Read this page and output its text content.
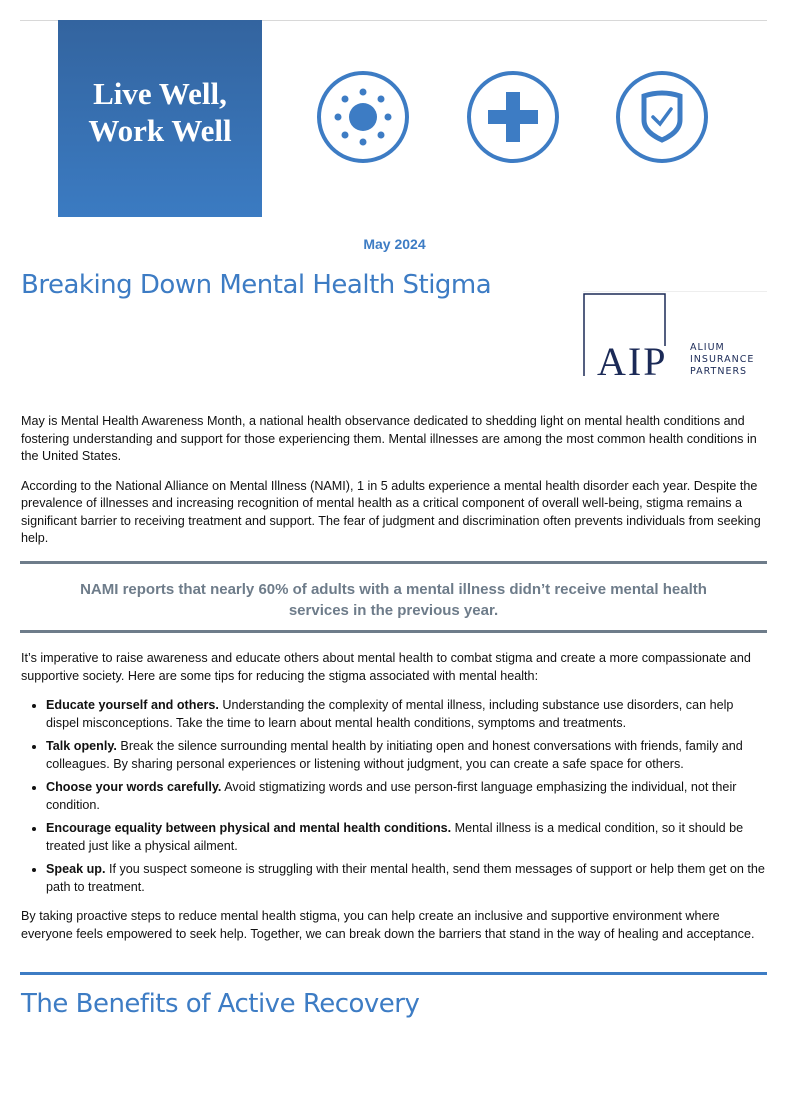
Live Well,
Work Well
May 2024
Breaking Down Mental Health Stigma
AIP ALIUM
INSURANCE
PARTNERS

May is Mental Health Awareness Month, a national health observance dedicated to shedding light on mental health conditions and fostering understanding and support for those experiencing them. Mental illnesses are among the most common health conditions in the United States.

According to the National Alliance on Mental Illness (NAMI), 1 in 5 adults experience a mental health disorder each year. Despite the prevalence of illnesses and increasing recognition of mental health as a critical component of overall well-being, stigma remains a significant barrier to receiving treatment and support. The fear of judgment and discrimination often prevents individuals from seeking help.

NAMI reports that nearly 60% of adults with a mental illness didn’t receive mental health services in the previous year.

It’s imperative to raise awareness and educate others about mental health to combat stigma and create a more compassionate and supportive society. Here are some tips for reducing the stigma associated with mental health:

• Educate yourself and others. Understanding the complexity of mental illness, including substance use disorders, can help dispel misconceptions. Take the time to learn about mental health conditions, symptoms and treatments.
• Talk openly. Break the silence surrounding mental health by initiating open and honest conversations with friends, family and colleagues. By sharing personal experiences or listening without judgment, you can create a safe space for others.
• Choose your words carefully. Avoid stigmatizing words and use person-first language emphasizing the individual, not their condition.
• Encourage equality between physical and mental health conditions. Mental illness is a medical condition, so it should be treated just like a physical ailment.
• Speak up. If you suspect someone is struggling with their mental health, send them messages of support or help them get on the path to treatment.

By taking proactive steps to reduce mental health stigma, you can help create an inclusive and supportive environment where everyone feels empowered to seek help. Together, we can break down the barriers that stand in the way of healing and acceptance.

The Benefits of Active Recovery
